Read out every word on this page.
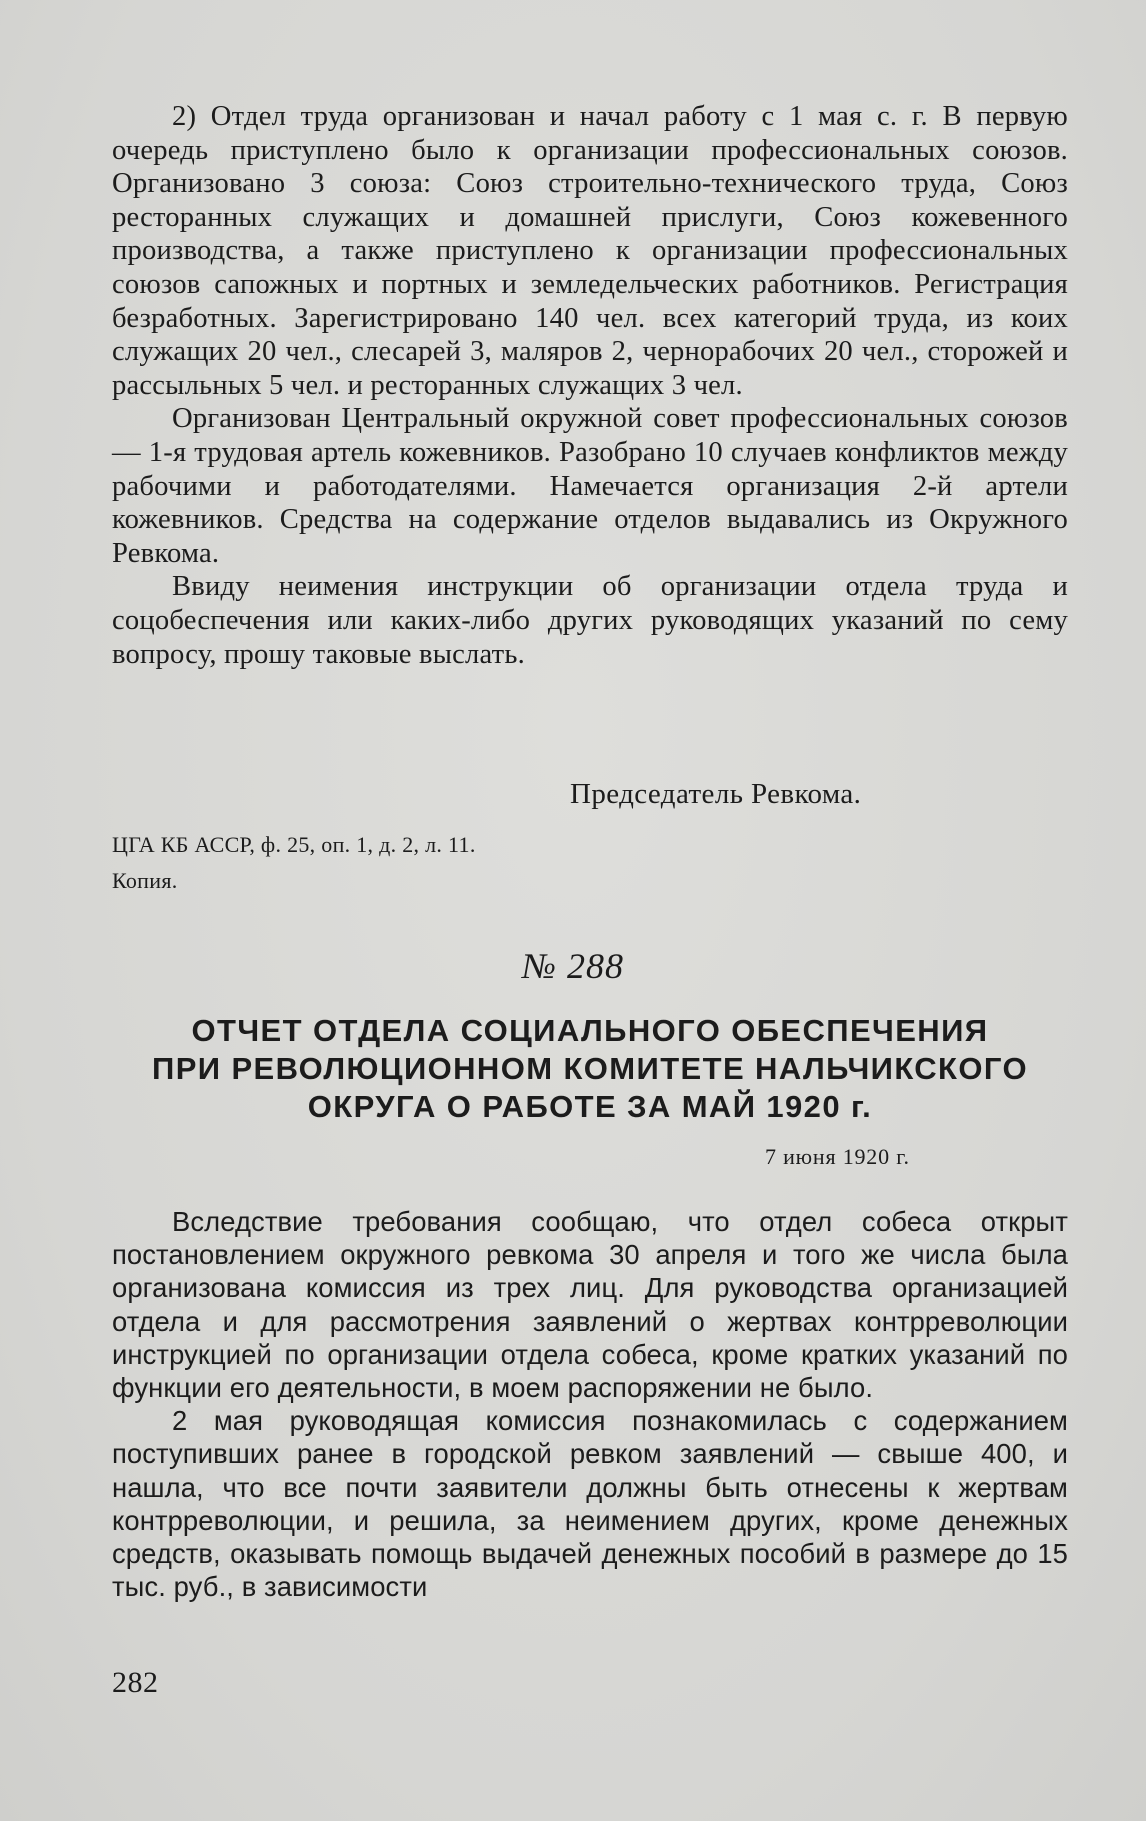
2) Отдел труда организован и начал работу с 1 мая с. г. В первую очередь приступлено было к организации профессиональных союзов. Организовано 3 союза: Союз строительно-технического труда, Союз ресторанных служащих и домашней прислуги, Союз кожевенного производства, а также приступлено к организации профессиональных союзов сапожных и портных и земледельческих работников. Регистрация безработных. Зарегистрировано 140 чел. всех категорий труда, из коих служащих 20 чел., слесарей 3, маляров 2, чернорабочих 20 чел., сторожей и рассыльных 5 чел. и ресторанных служащих 3 чел.

Организован Центральный окружной совет профессиональных союзов — 1-я трудовая артель кожевников. Разобрано 10 случаев конфликтов между рабочими и работодателями. Намечается организация 2-й артели кожевников. Средства на содержание отделов выдавались из Окружного Ревкома.

Ввиду неимения инструкции об организации отдела труда и соцобеспечения или каких-либо других руководящих указаний по сему вопросу, прошу таковые выслать.

Председатель Ревкома.
ЦГА КБ АССР, ф. 25, оп. 1, д. 2, л. 11.
Копия.
№ 288
ОТЧЕТ ОТДЕЛА СОЦИАЛЬНОГО ОБЕСПЕЧЕНИЯ
ПРИ РЕВОЛЮЦИОННОМ КОМИТЕТЕ НАЛЬЧИКСКОГО
ОКРУГА О РАБОТЕ ЗА МАЙ 1920 г.
7 июня 1920 г.

Вследствие требования сообщаю, что отдел собеса открыт постановлением окружного ревкома 30 апреля и того же числа была организована комиссия из трех лиц. Для руководства организацией отдела и для рассмотрения заявлений о жертвах контрреволюции инструкцией по организации отдела собеса, кроме кратких указаний по функции его деятельности, в моем распоряжении не было.

2 мая руководящая комиссия познакомилась с содержанием поступивших ранее в городской ревком заявлений — свыше 400, и нашла, что все почти заявители должны быть отнесены к жертвам контрреволюции, и решила, за неимением других, кроме денежных средств, оказывать помощь выдачей денежных пособий в размере до 15 тыс. руб., в зависимости

282
